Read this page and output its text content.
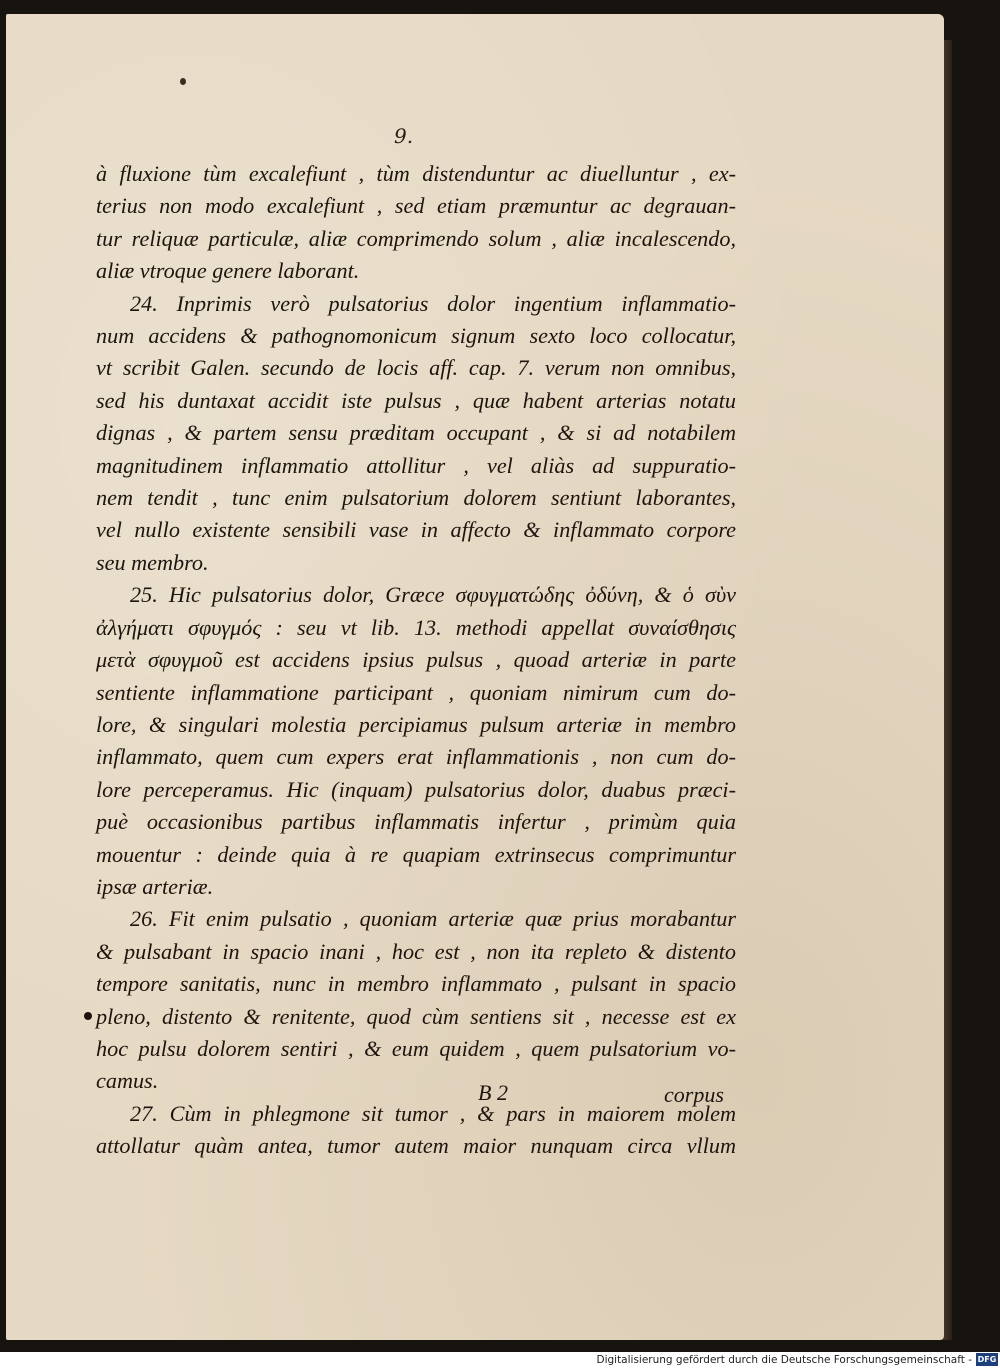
9.
à fluxione tùm excalefiunt , tùm distenduntur ac diuelluntur , ex-
terius non modo excalefiunt , sed etiam præmuntur ac degrauan-
tur reliquæ particulæ, aliæ comprimendo solum , aliæ incalescendo,
aliæ vtroque genere laborant.
24. Inprimis verò pulsatorius dolor ingentium inflammatio-
num accidens & pathognomonicum signum sexto loco collocatur,
vt scribit Galen. secundo de locis aff. cap. 7. verum non omnibus,
sed his duntaxat accidit iste pulsus , quæ habent arterias notatu
dignas , & partem sensu præditam occupant , & si ad notabilem
magnitudinem inflammatio attollitur , vel aliàs ad suppuratio-
nem tendit , tunc enim pulsatorium dolorem sentiunt laborantes,
vel nullo existente sensibili vase in affecto & inflammato corpore
seu membro.
25. Hic pulsatorius dolor, Græce σφυγματώδης ὀδύνη, & ὁ σὺν
ἀλγήματι σφυγμός : seu vt lib. 13. methodi appellat συναίσθησις
μετὰ σφυγμοῦ est accidens ipsius pulsus , quoad arteriæ in parte
sentiente inflammatione participant , quoniam nimirum cum do-
lore, & singulari molestia percipiamus pulsum arteriæ in membro
inflammato, quem cum expers erat inflammationis , non cum do-
lore perceperamus. Hic (inquam) pulsatorius dolor, duabus præci-
puè occasionibus partibus inflammatis infertur , primùm quia
mouentur : deinde quia à re quapiam extrinsecus comprimuntur
ipsæ arteriæ.
26. Fit enim pulsatio , quoniam arteriæ quæ prius morabantur
& pulsabant in spacio inani , hoc est , non ita repleto & distento
tempore sanitatis, nunc in membro inflammato , pulsant in spacio
pleno, distento & renitente, quod cùm sentiens sit , necesse est ex
hoc pulsu dolorem sentiri , & eum quidem , quem pulsatorium vo-
camus.
27. Cùm in phlegmone sit tumor , & pars in maiorem molem
attollatur quàm antea, tumor autem maior nunquam circa vllum
B 2	corpus
Digitalisierung gefördert durch die Deutsche Forschungsgemeinschaft - DFG
